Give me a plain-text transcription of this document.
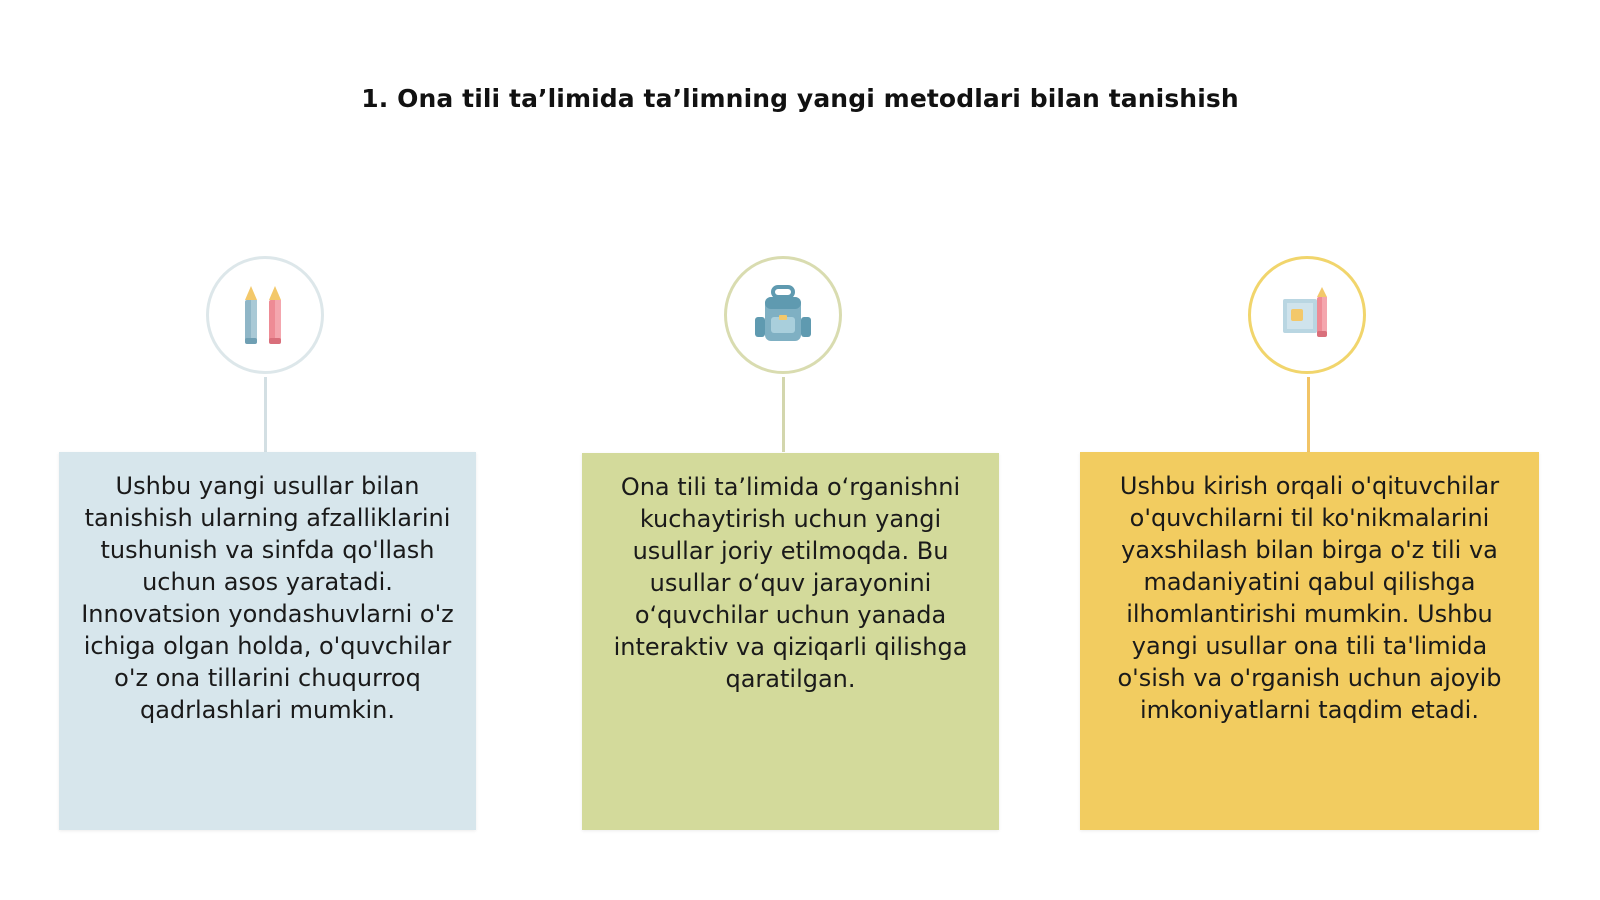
1. Ona tili ta’limida ta’limning yangi metodlari bilan tanishish
Ushbu yangi usullar bilan tanishish ularning afzalliklarini tushunish va sinfda qo'llash uchun asos yaratadi. Innovatsion yondashuvlarni o'z ichiga olgan holda, o'quvchilar o'z ona tillarini chuqurroq qadrlashlari mumkin.
Ona tili ta’limida o‘rganishni kuchaytirish uchun yangi usullar joriy etilmoqda. Bu usullar o‘quv jarayonini o‘quvchilar uchun yanada interaktiv va qiziqarli qilishga qaratilgan.
Ushbu kirish orqali o'qituvchilar o'quvchilarni til ko'nikmalarini yaxshilash bilan birga o'z tili va madaniyatini qabul qilishga ilhomlantirishi mumkin. Ushbu yangi usullar ona tili ta'limida o'sish va o'rganish uchun ajoyib imkoniyatlarni taqdim etadi.
